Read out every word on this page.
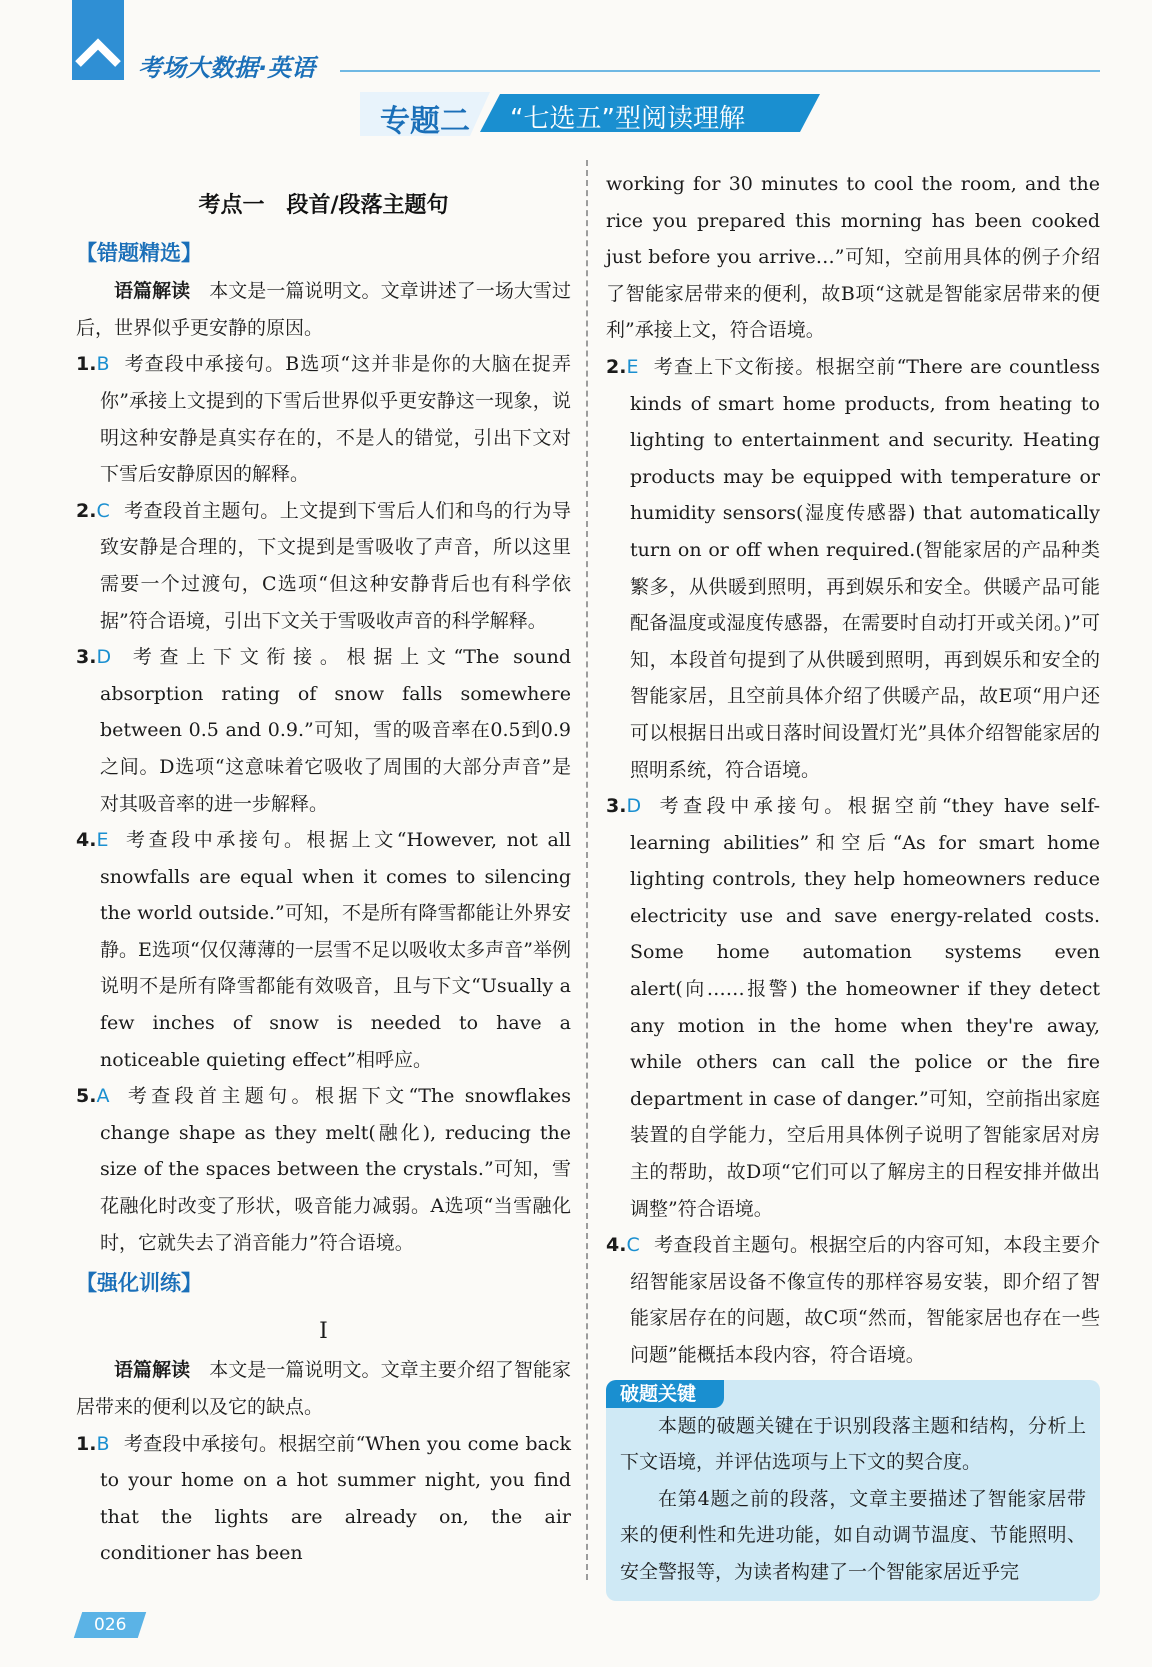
考场大数据·英语
专题二 “七选五”型阅读理解
考点一　段首/段落主题句
【错题精选】

语篇解读　 本文是一篇说明文。文章讲述了一场大雪过后，世界似乎更安静的原因。

1.B 考查段中承接句。B选项“这并非是你的大脑在捉弄你”承接上文提到的下雪后世界似乎更安静这一现象，说明这种安静是真实存在的，不是人的错觉，引出下文对下雪后安静原因的解释。

2.C 考查段首主题句。上文提到下雪后人们和鸟的行为导致安静是合理的，下文提到是雪吸收了声音，所以这里需要一个过渡句，C选项“但这种安静背后也有科学依据”符合语境，引出下文关于雪吸收声音的科学解释。

3.D 考查上下文衔接。根据上文“The sound absorption rating of snow falls somewhere between 0.5 and 0.9.”可知，雪的吸音率在0.5到0.9之间。D选项“这意味着它吸收了周围的大部分声音”是对其吸音率的进一步解释。

4.E 考查段中承接句。根据上文“However, not all snowfalls are equal when it comes to silencing the world outside.”可知，不是所有降雪都能让外界安静。E选项“仅仅薄薄的一层雪不足以吸收太多声音”举例说明不是所有降雪都能有效吸音，且与下文“Usually a few inches of snow is needed to have a noticeable quieting effect”相呼应。

5.A 考查段首主题句。根据下文“The snowflakes change shape as they melt(融化), reducing the size of the spaces between the crystals.”可知，雪花融化时改变了形状，吸音能力减弱。A选项“当雪融化时，它就失去了消音能力”符合语境。

【强化训练】
Ⅰ

语篇解读　 本文是一篇说明文。文章主要介绍了智能家居带来的便利以及它的缺点。

1.B 考查段中承接句。根据空前“When you come back to your home on a hot summer night, you find that the lights are already on, the air conditioner has been

working for 30 minutes to cool the room, and the rice you prepared this morning has been cooked just before you arrive…”可知，空前用具体的例子介绍了智能家居带来的便利，故B项“这就是智能家居带来的便利”承接上文，符合语境。

2.E 考查上下文衔接。根据空前“There are countless kinds of smart home products, from heating to lighting to entertainment and security. Heating products may be equipped with temperature or humidity sensors(湿度传感器) that automatically turn on or off when required.(智能家居的产品种类繁多，从供暖到照明，再到娱乐和安全。供暖产品可能配备温度或湿度传感器，在需要时自动打开或关闭。)”可知，本段首句提到了从供暖到照明，再到娱乐和安全的智能家居，且空前具体介绍了供暖产品，故E项“用户还可以根据日出或日落时间设置灯光”具体介绍智能家居的照明系统，符合语境。

3.D 考查段中承接句。根据空前“they have self-learning abilities”和空后“As for smart home lighting controls, they help homeowners reduce electricity use and save energy-related costs. Some home automation systems even alert(向……报警) the homeowner if they detect any motion in the home when they're away, while others can call the police or the fire department in case of danger.”可知，空前指出家庭装置的自学能力，空后用具体例子说明了智能家居对房主的帮助，故D项“它们可以了解房主的日程安排并做出调整”符合语境。

4.C 考查段首主题句。根据空后的内容可知，本段主要介绍智能家居设备不像宣传的那样容易安装，即介绍了智能家居存在的问题，故C项“然而，智能家居也存在一些问题”能概括本段内容，符合语境。

破题关键

本题的破题关键在于识别段落主题和结构，分析上下文语境，并评估选项与上下文的契合度。

在第4题之前的段落，文章主要描述了智能家居带来的便利性和先进功能，如自动调节温度、节能照明、安全警报等，为读者构建了一个智能家居近乎完

026
